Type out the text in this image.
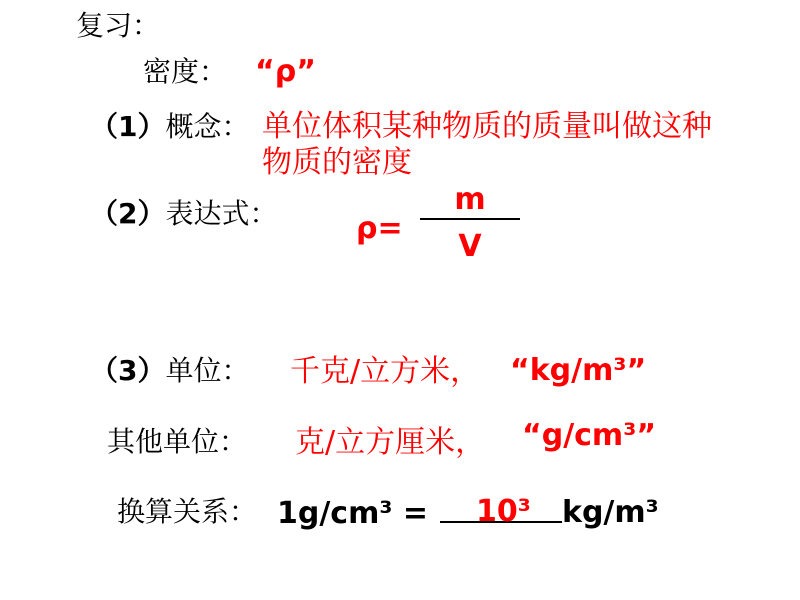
复习：
密度： “ρ”
（1）概念： 单位体积某种物质的质量叫做这种
物质的密度
（2）表达式：	ρ=
m
V
（3）单位： 千克/立方米， “kg/m³”
其他单位： 克/立方厘米， “g/cm³”
换算关系： 1g/cm³ = 10³ kg/m³
